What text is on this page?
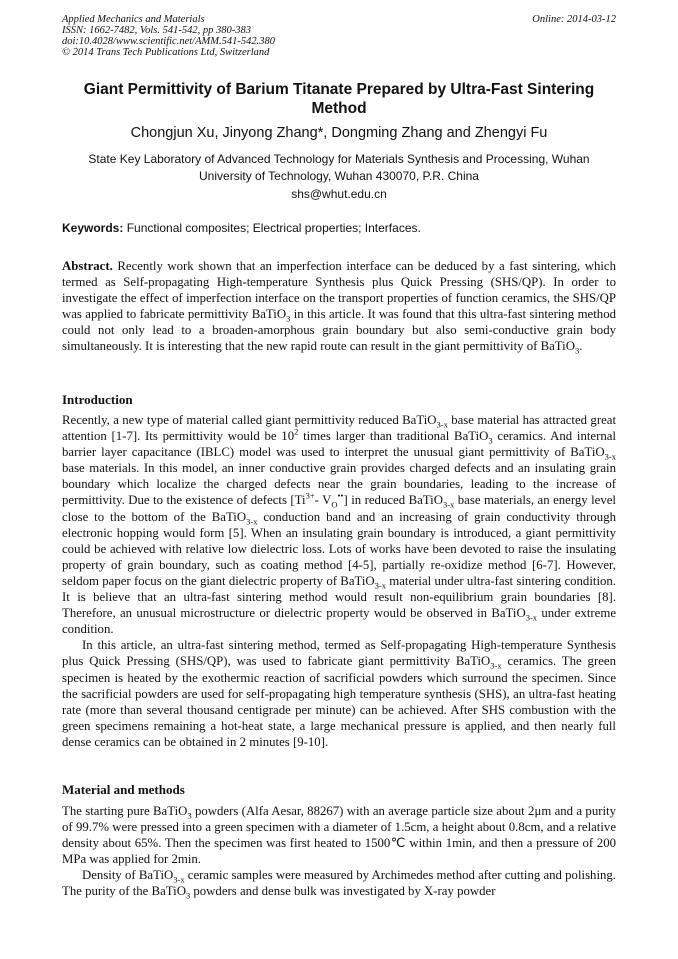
Applied Mechanics and Materials
ISSN: 1662-7482, Vols. 541-542, pp 380-383
doi:10.4028/www.scientific.net/AMM.541-542.380
© 2014 Trans Tech Publications Ltd, Switzerland
Online: 2014-03-12
Giant Permittivity of Barium Titanate Prepared by Ultra-Fast Sintering Method
Chongjun Xu, Jinyong Zhang*, Dongming Zhang and Zhengyi Fu
State Key Laboratory of Advanced Technology for Materials Synthesis and Processing, Wuhan University of Technology, Wuhan 430070, P.R. China
shs@whut.edu.cn
Keywords: Functional composites; Electrical properties; Interfaces.

Abstract. Recently work shown that an imperfection interface can be deduced by a fast sintering, which termed as Self-propagating High-temperature Synthesis plus Quick Pressing (SHS/QP). In order to investigate the effect of imperfection interface on the transport properties of function ceramics, the SHS/QP was applied to fabricate permittivity BaTiO$_3$ in this article. It was found that this ultra-fast sintering method could not only lead to a broaden-amorphous grain boundary but also semi-conductive grain body simultaneously. It is interesting that the new rapid route can result in the giant permittivity of BaTiO$_3$.

Introduction

Recently, a new type of material called giant permittivity reduced BaTiO$_{3-x}$ base material has attracted great attention [1-7]. Its permittivity would be $10^2$ times larger than traditional BaTiO$_3$ ceramics. And internal barrier layer capacitance (IBLC) model was used to interpret the unusual giant permittivity of BaTiO$_{3-x}$ base materials. In this model, an inner conductive grain provides charged defects and an insulating grain boundary which localize the charged defects near the grain boundaries, leading to the increase of permittivity. Due to the existence of defects [$Ti^{3+}-$ $V_O^{••}$] in reduced BaTiO$_{3-x}$ base materials, an energy level close to the bottom of the BaTiO$_{3-x}$ conduction band and an increasing of grain conductivity through electronic hopping would form [5]. When an insulating grain boundary is introduced, a giant permittivity could be achieved with relative low dielectric loss. Lots of works have been devoted to raise the insulating property of grain boundary, such as coating method [4-5], partially re-oxidize method [6-7]. However, seldom paper focus on the giant dielectric property of BaTiO$_{3-x}$ material under ultra-fast sintering condition. It is believe that an ultra-fast sintering method would result non-equilibrium grain boundaries [8]. Therefore, an unusual microstructure or dielectric property would be observed in BaTiO$_{3-x}$ under extreme condition.

In this article, an ultra-fast sintering method, termed as Self-propagating High-temperature Synthesis plus Quick Pressing (SHS/QP), was used to fabricate giant permittivity BaTiO$_{3-x}$ ceramics. The green specimen is heated by the exothermic reaction of sacrificial powders which surround the specimen. Since the sacrificial powders are used for self-propagating high temperature synthesis (SHS), an ultra-fast heating rate (more than several thousand centigrade per minute) can be achieved. After SHS combustion with the green specimens remaining a hot-heat state, a large mechanical pressure is applied, and then nearly full dense ceramics can be obtained in 2 minutes [9-10].

Material and methods

The starting pure BaTiO$_3$ powders (Alfa Aesar, 88267) with an average particle size about 2μm and a purity of 99.7% were pressed into a green specimen with a diameter of 1.5cm, a height about 0.8cm, and a relative density about 65%. Then the specimen was first heated to 1500℃ within 1min, and then a pressure of 200 MPa was applied for 2min.

Density of BaTiO$_{3-x}$ ceramic samples were measured by Archimedes method after cutting and polishing. The purity of the BaTiO$_3$ powders and dense bulk was investigated by X-ray powder
